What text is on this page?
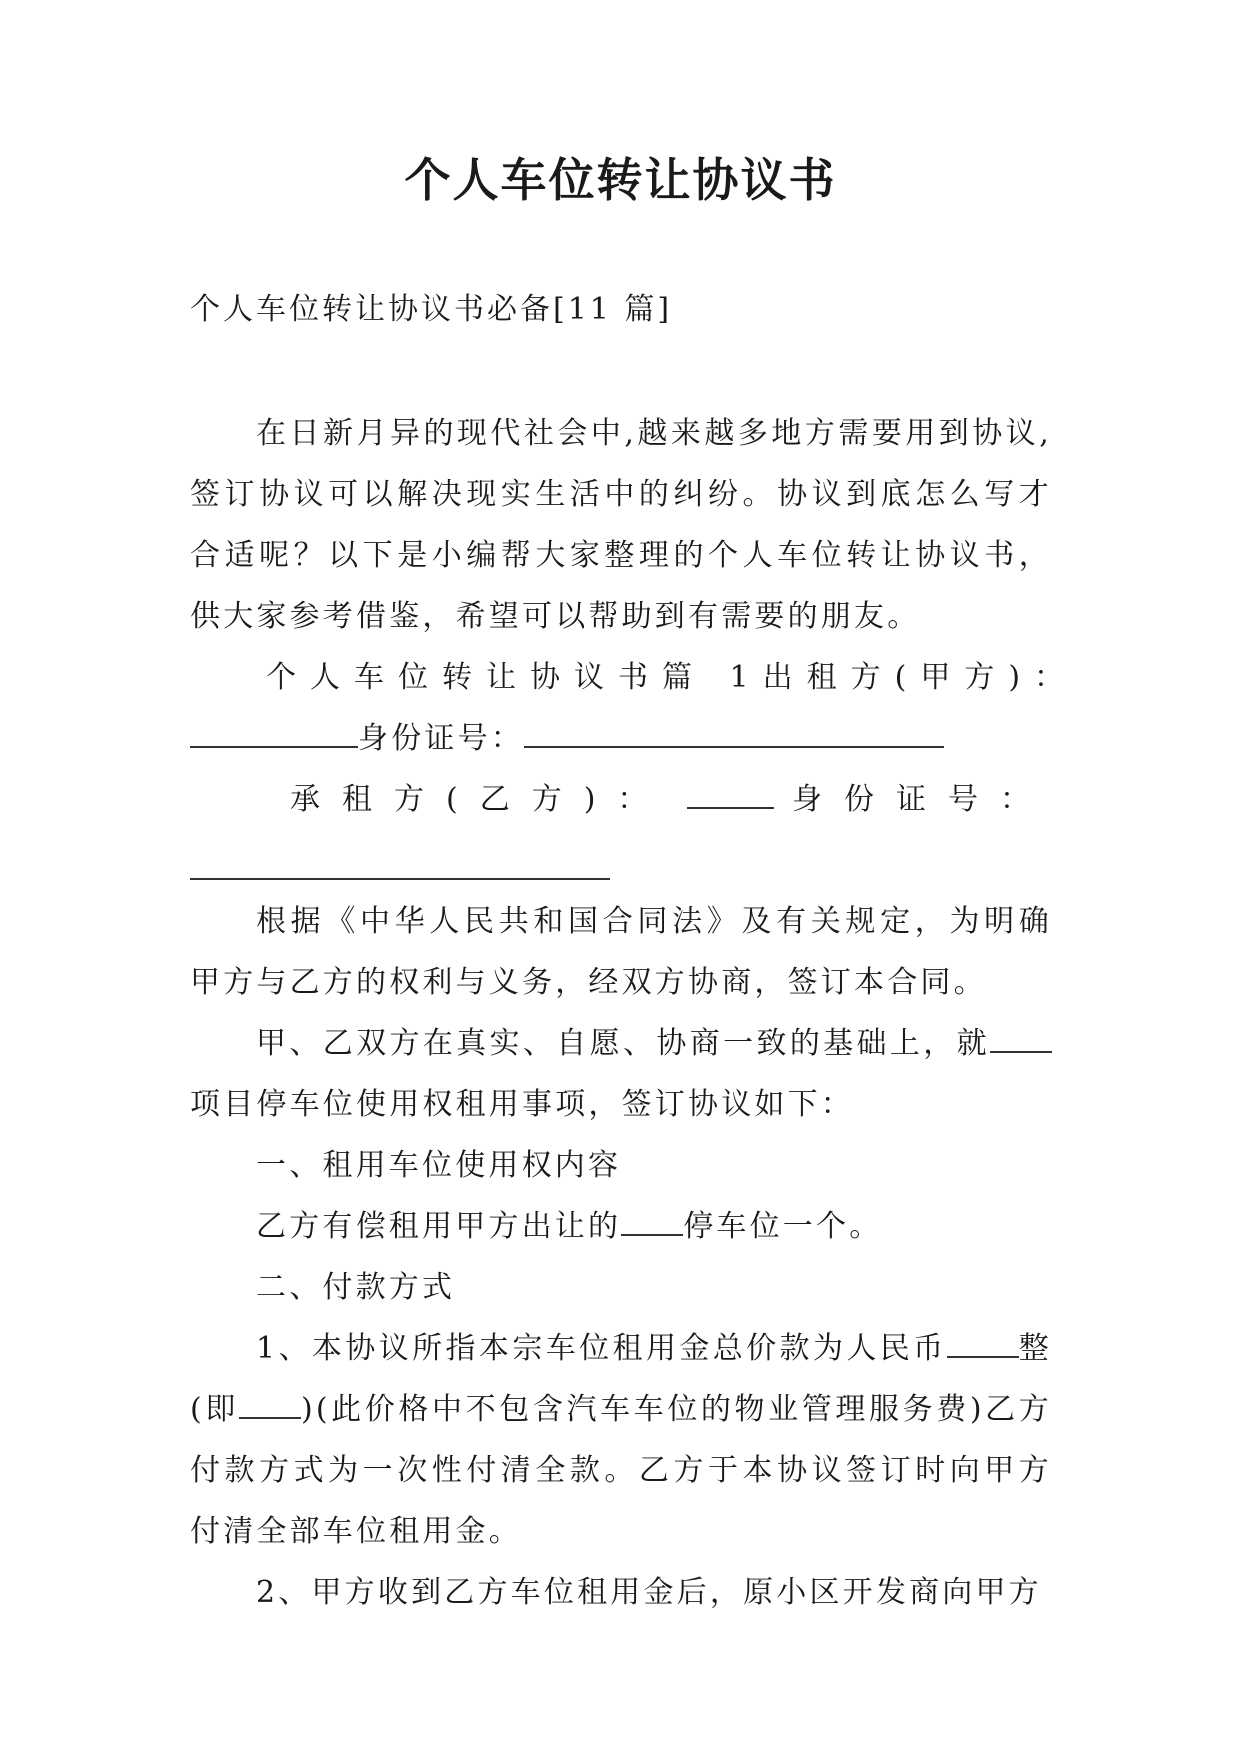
个人车位转让协议书
个人车位转让协议书必备[11 篇]

在日新月异的现代社会中,越来越多地方需要用到协议,签订协议可以解决现实生活中的纠纷。协议到底怎么写才合适呢？以下是小编帮大家整理的个人车位转让协议书，供大家参考借鉴，希望可以帮助到有需要的朋友。

个人车位转让协议书 篇 1 出租方(甲方)：
身份证号：
承租方(乙方)：	身份证号：

根据《中华人民共和国合同法》及有关规定，为明确甲方与乙方的权利与义务，经双方协商，签订本合同。

甲、乙双方在真实、自愿、协商一致的基础上，就项目停车位使用权租用事项，签订协议如下：

一、租用车位使用权内容

乙方有偿租用甲方出让的 停车位一个。

二、付款方式

1、本协议所指本宗车位租用金总价款为人民币 整(即 )(此价格中不包含汽车车位的物业管理服务费)乙方付款方式为一次性付清全款。乙方于本协议签订时向甲方付清全部车位租用金。

2、甲方收到乙方车位租用金后，原小区开发商向甲方
